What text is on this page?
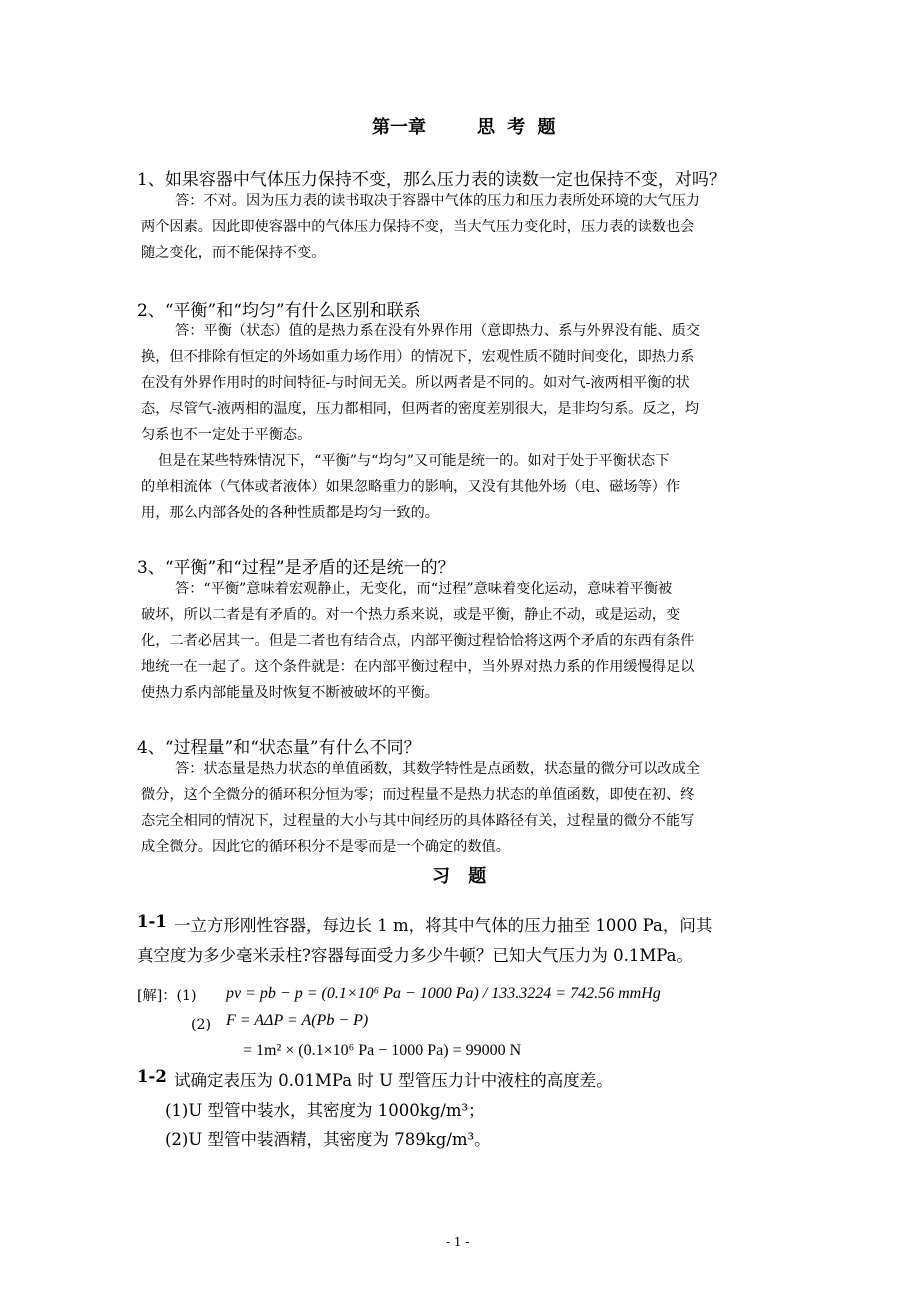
第一章	思 考 题
1、如果容器中气体压力保持不变，那么压力表的读数一定也保持不变，对吗？
答：不对。因为压力表的读书取决于容器中气体的压力和压力表所处环境的大气压力
两个因素。因此即使容器中的气体压力保持不变，当大气压力变化时，压力表的读数也会
随之变化，而不能保持不变。
2、“平衡”和“均匀”有什么区别和联系
答：平衡（状态）值的是热力系在没有外界作用（意即热力、系与外界没有能、质交
换，但不排除有恒定的外场如重力场作用）的情况下，宏观性质不随时间变化，即热力系
在没有外界作用时的时间特征-与时间无关。所以两者是不同的。如对气-液两相平衡的状
态，尽管气-液两相的温度，压力都相同，但两者的密度差别很大，是非均匀系。反之，均
匀系也不一定处于平衡态。
但是在某些特殊情况下，“平衡”与“均匀”又可能是统一的。如对于处于平衡状态下
的单相流体（气体或者液体）如果忽略重力的影响，又没有其他外场（电、磁场等）作
用，那么内部各处的各种性质都是均匀一致的。
3、“平衡”和“过程”是矛盾的还是统一的？
答：“平衡”意味着宏观静止，无变化，而“过程”意味着变化运动，意味着平衡被
破坏，所以二者是有矛盾的。对一个热力系来说，或是平衡，静止不动，或是运动，变
化，二者必居其一。但是二者也有结合点，内部平衡过程恰恰将这两个矛盾的东西有条件
地统一在一起了。这个条件就是：在内部平衡过程中，当外界对热力系的作用缓慢得足以
使热力系内部能量及时恢复不断被破坏的平衡。
4、“过程量”和“状态量”有什么不同？
答：状态量是热力状态的单值函数，其数学特性是点函数，状态量的微分可以改成全
微分，这个全微分的循环积分恒为零；而过程量不是热力状态的单值函数，即使在初、终
态完全相同的情况下，过程量的大小与其中间经历的具体路径有关，过程量的微分不能写
成全微分。因此它的循环积分不是零而是一个确定的数值。
习 题
1-1 一立方形刚性容器，每边长 1 m，将其中气体的压力抽至 1000 Pa，问其
真空度为多少毫米汞柱?容器每面受力多少牛顿？已知大气压力为 0.1MPa。
[解]：(1) pv = pb − p = (0.1×10⁶ Pa − 1000 Pa) / 133.3224 = 742.56 mmHg
(2) F = AΔP = A(Pb − P)
= 1m² × (0.1×10⁶ Pa − 1000 Pa) = 99000 N
1-2 试确定表压为 0.01MPa 时 U 型管压力计中液柱的高度差。
(1)U 型管中装水，其密度为 1000kg/m³；
(2)U 型管中装酒精，其密度为 789kg/m³。
- 1 -
